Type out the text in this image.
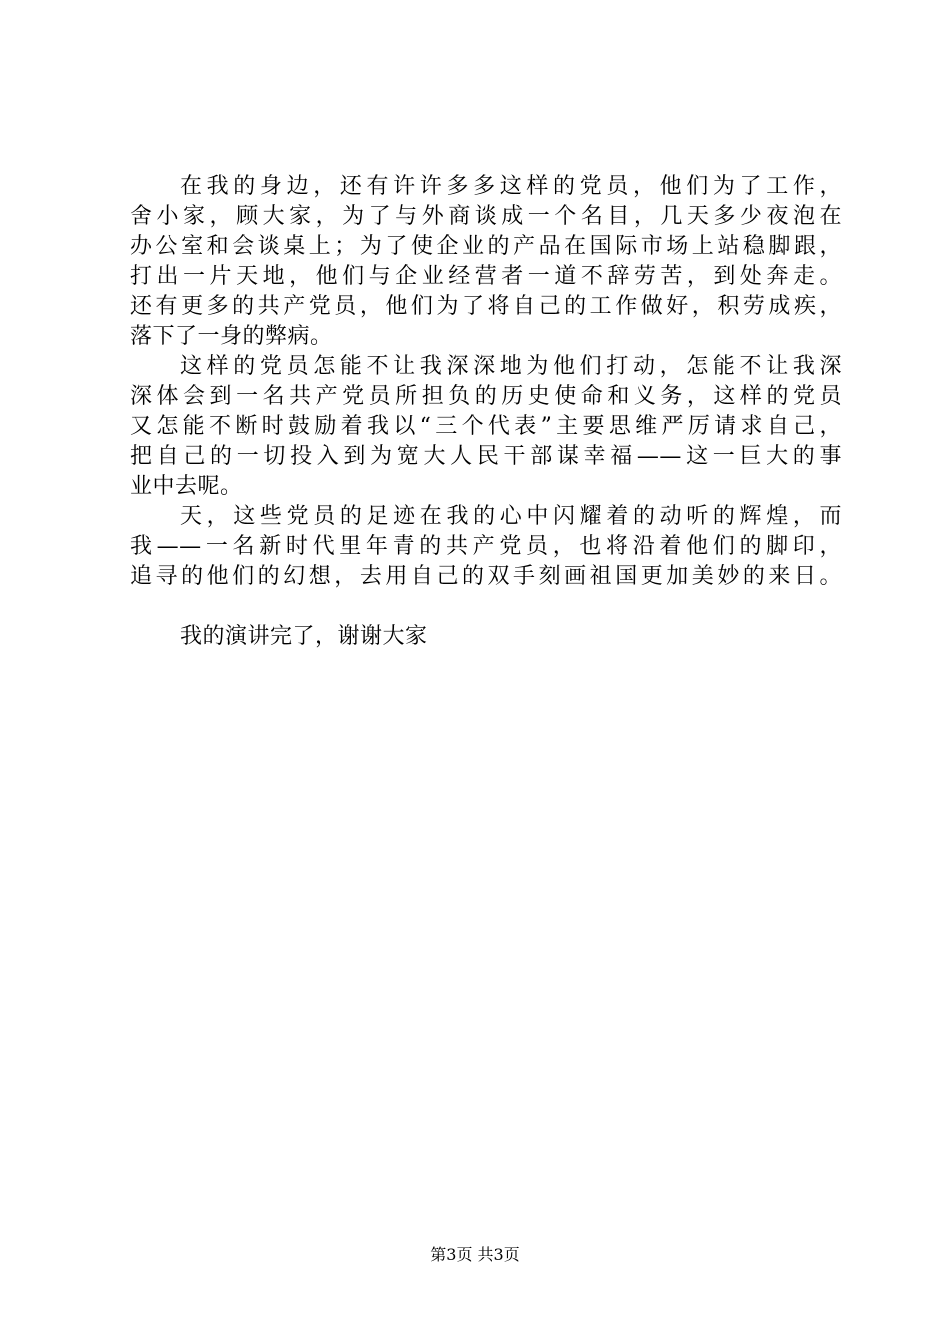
在我的身边，还有许许多多这样的党员，他们为了工作，
舍小家，顾大家，为了与外商谈成一个名目，几天多少夜泡在
办公室和会谈桌上；为了使企业的产品在国际市场上站稳脚跟，
打出一片天地，他们与企业经营者一道不辞劳苦，到处奔走。
还有更多的共产党员，他们为了将自己的工作做好，积劳成疾，
落下了一身的弊病。
这样的党员怎能不让我深深地为他们打动，怎能不让我深
深体会到一名共产党员所担负的历史使命和义务，这样的党员
又怎能不断时鼓励着我以“三个代表”主要思维严厉请求自己，
把自己的一切投入到为宽大人民干部谋幸福——这一巨大的事
业中去呢。
天，这些党员的足迹在我的心中闪耀着的动听的辉煌，而
我——一名新时代里年青的共产党员，也将沿着他们的脚印，
追寻的他们的幻想，去用自己的双手刻画祖国更加美妙的来日。
我的演讲完了，谢谢大家
第3页 共3页
